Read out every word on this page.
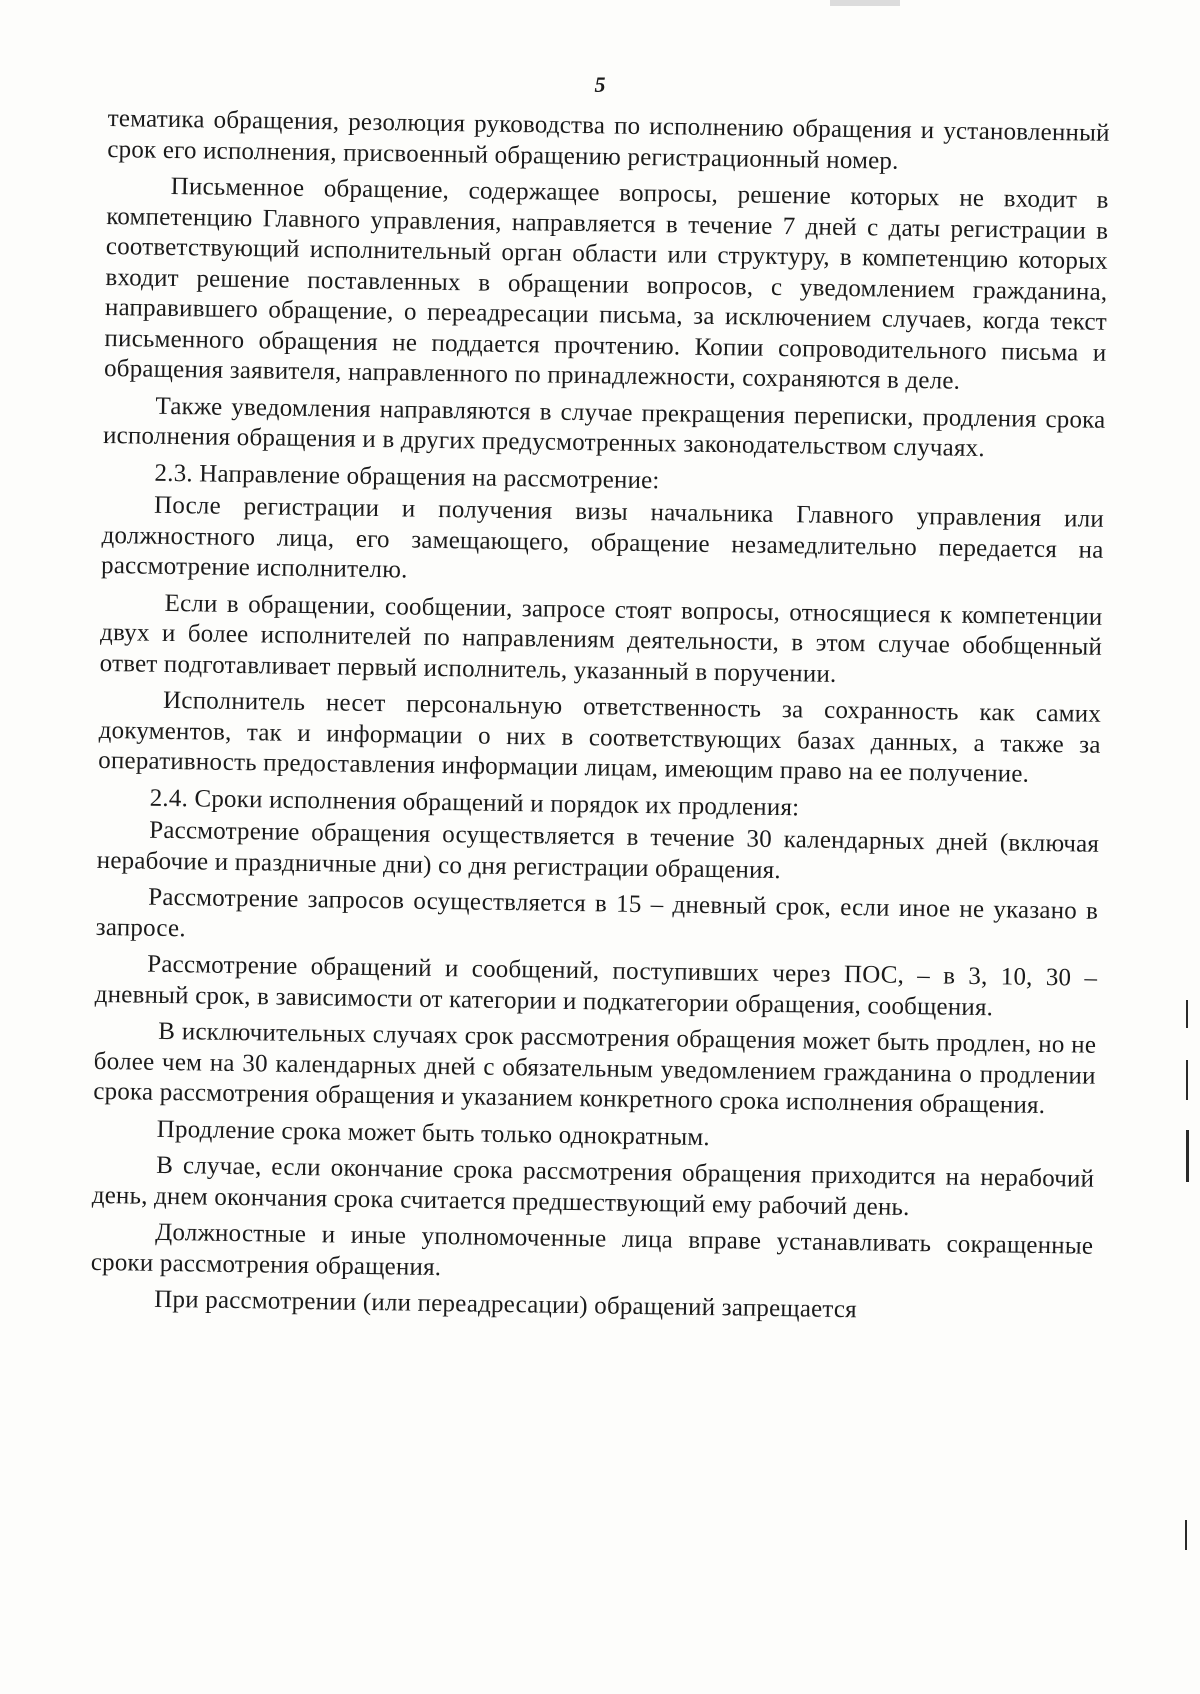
5

тематика обращения, резолюция руководства по исполнению обращения и установленный срок его исполнения, присвоенный обращению регистрационный номер.

Письменное обращение, содержащее вопросы, решение которых не входит в компетенцию Главного управления, направляется в течение 7 дней с даты регистрации в соответствующий исполнительный орган области или структуру, в компетенцию которых входит решение поставленных в обращении вопросов, с уведомлением гражданина, направившего обращение, о переадресации письма, за исключением случаев, когда текст письменного обращения не поддается прочтению. Копии сопроводительного письма и обращения заявителя, направленного по принадлежности, сохраняются в деле.

Также уведомления направляются в случае прекращения переписки, продления срока исполнения обращения и в других предусмотренных законодательством случаях.

2.3. Направление обращения на рассмотрение:

После регистрации и получения визы начальника Главного управления или должностного лица, его замещающего, обращение незамедлительно передается на рассмотрение исполнителю.

Если в обращении, сообщении, запросе стоят вопросы, относящиеся к компетенции двух и более исполнителей по направлениям деятельности, в этом случае обобщенный ответ подготавливает первый исполнитель, указанный в поручении.

Исполнитель несет персональную ответственность за сохранность как самих документов, так и информации о них в соответствующих базах данных, а также за оперативность предоставления информации лицам, имеющим право на ее получение.

2.4. Сроки исполнения обращений и порядок их продления:

Рассмотрение обращения осуществляется в течение 30 календарных дней (включая нерабочие и праздничные дни) со дня регистрации обращения.

Рассмотрение запросов осуществляется в 15 – дневный срок, если иное не указано в запросе.

Рассмотрение обращений и сообщений, поступивших через ПОС, – в 3, 10, 30 – дневный срок, в зависимости от категории и подкатегории обращения, сообщения.

В исключительных случаях срок рассмотрения обращения может быть продлен, но не более чем на 30 календарных дней с обязательным уведомлением гражданина о продлении срока рассмотрения обращения и указанием конкретного срока исполнения обращения.

Продление срока может быть только однократным.

В случае, если окончание срока рассмотрения обращения приходится на нерабочий день, днем окончания срока считается предшествующий ему рабочий день.

Должностные и иные уполномоченные лица вправе устанавливать сокращенные сроки рассмотрения обращения.

При рассмотрении (или переадресации) обращений запрещается
